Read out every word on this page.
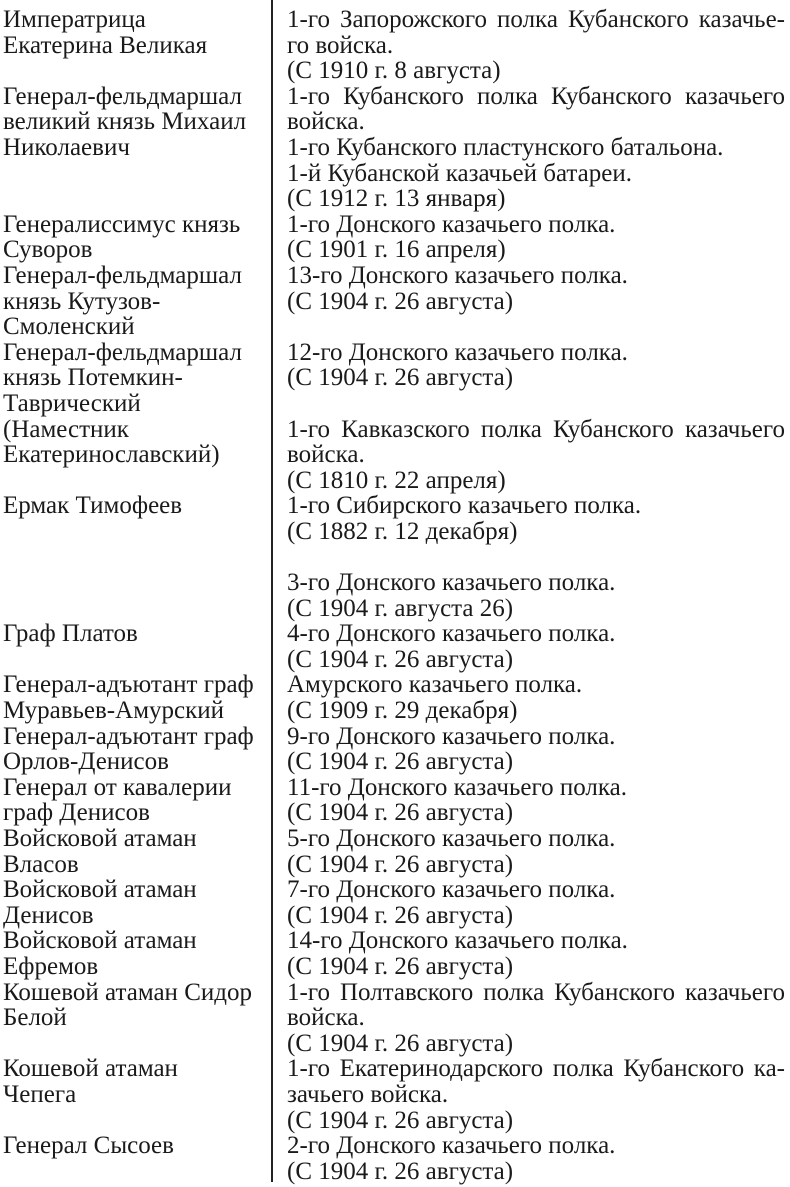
Императрица	1-го Запорожского полка Кубанского казачье-
Екатерина Великая	го войска.
(С 1910 г. 8 августа)
Генерал-фельдмаршал	1-го Кубанского полка Кубанского казачьего
великий князь Михаил	войска.
Николаевич	1-го Кубанского пластунского батальона.
1-й Кубанской казачьей батареи.
(С 1912 г. 13 января)
Генералиссимус князь	1-го Донского казачьего полка.
Суворов	(С 1901 г. 16 апреля)
Генерал-фельдмаршал	13-го Донского казачьего полка.
князь Кутузов-	(С 1904 г. 26 августа)
Смоленский
Генерал-фельдмаршал	12-го Донского казачьего полка.
князь Потемкин-	(С 1904 г. 26 августа)
Таврический
(Наместник	1-го Кавказского полка Кубанского казачьего
Екатеринославский)	войска.
(С 1810 г. 22 апреля)
Ермак Тимофеев	1-го Сибирского казачьего полка.
(С 1882 г. 12 декабря)
3-го Донского казачьего полка.
(С 1904 г. августа 26)
Граф Платов	4-го Донского казачьего полка.
(С 1904 г. 26 августа)
Генерал-адъютант граф	Амурского казачьего полка.
Муравьев-Амурский	(С 1909 г. 29 декабря)
Генерал-адъютант граф	9-го Донского казачьего полка.
Орлов-Денисов	(С 1904 г. 26 августа)
Генерал от кавалерии	11-го Донского казачьего полка.
граф Денисов	(С 1904 г. 26 августа)
Войсковой атаман	5-го Донского казачьего полка.
Власов	(С 1904 г. 26 августа)
Войсковой атаман	7-го Донского казачьего полка.
Денисов	(С 1904 г. 26 августа)
Войсковой атаман	14-го Донского казачьего полка.
Ефремов	(С 1904 г. 26 августа)
Кошевой атаман Сидор	1-го Полтавского полка Кубанского казачьего
Белой	войска.
(С 1904 г. 26 августа)
Кошевой атаман	1-го Екатеринодарского полка Кубанского ка-
Чепега	зачьего войска.
(С 1904 г. 26 августа)
Генерал Сысоев	2-го Донского казачьего полка.
(С 1904 г. 26 августа)
